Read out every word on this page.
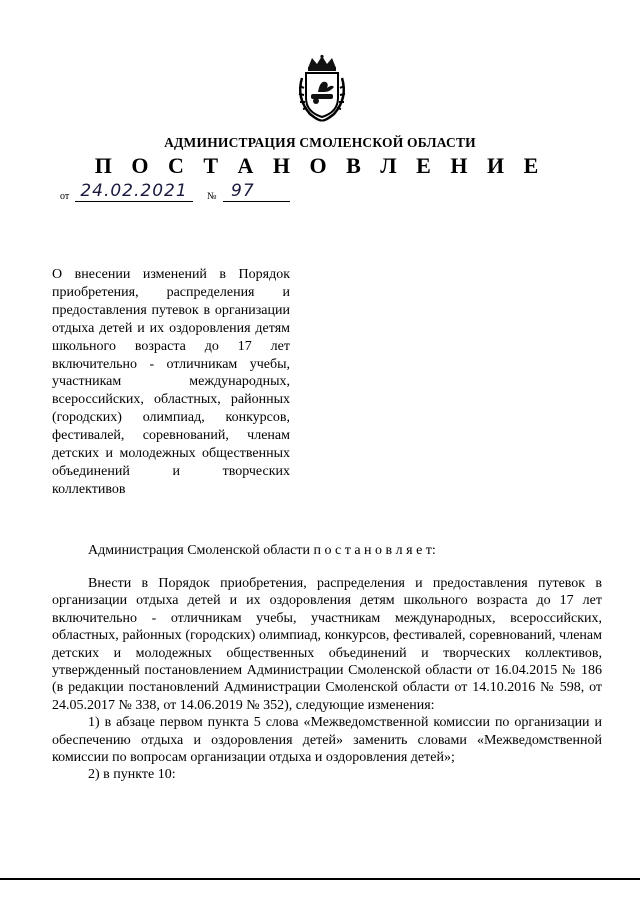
АДМИНИСТРАЦИЯ СМОЛЕНСКОЙ ОБЛАСТИ
П О С Т А Н О В Л Е Н И Е
от 24.02.2021	№ 97
О внесении изменений в Порядок приобретения, распределения и предоставления путевок в организации отдыха детей и их оздоровления детям школьного возраста до 17 лет включительно - отличникам учебы, участникам международных, всероссийских, областных, районных (городских) олимпиад, конкурсов, фестивалей, соревнований, членам детских и молодежных общественных объединений и творческих
коллективов
Администрация Смоленской области п о с т а н о в л я е т:

Внести в Порядок приобретения, распределения и предоставления путевок в организации отдыха детей и их оздоровления детям школьного возраста до 17 лет включительно - отличникам учебы, участникам международных, всероссийских, областных, районных (городских) олимпиад, конкурсов, фестивалей, соревнований, членам детских и молодежных общественных объединений и творческих коллективов, утвержденный постановлением Администрации Смоленской области от 16.04.2015 № 186 (в редакции постановлений Администрации Смоленской области от 14.10.2016 № 598, от 24.05.2017 № 338, от 14.06.2019 № 352), следующие изменения:

1) в абзаце первом пункта 5 слова «Межведомственной комиссии по организации и обеспечению отдыха и оздоровления детей» заменить словами «Межведомственной комиссии по вопросам организации отдыха и оздоровления детей»;

2) в пункте 10:
